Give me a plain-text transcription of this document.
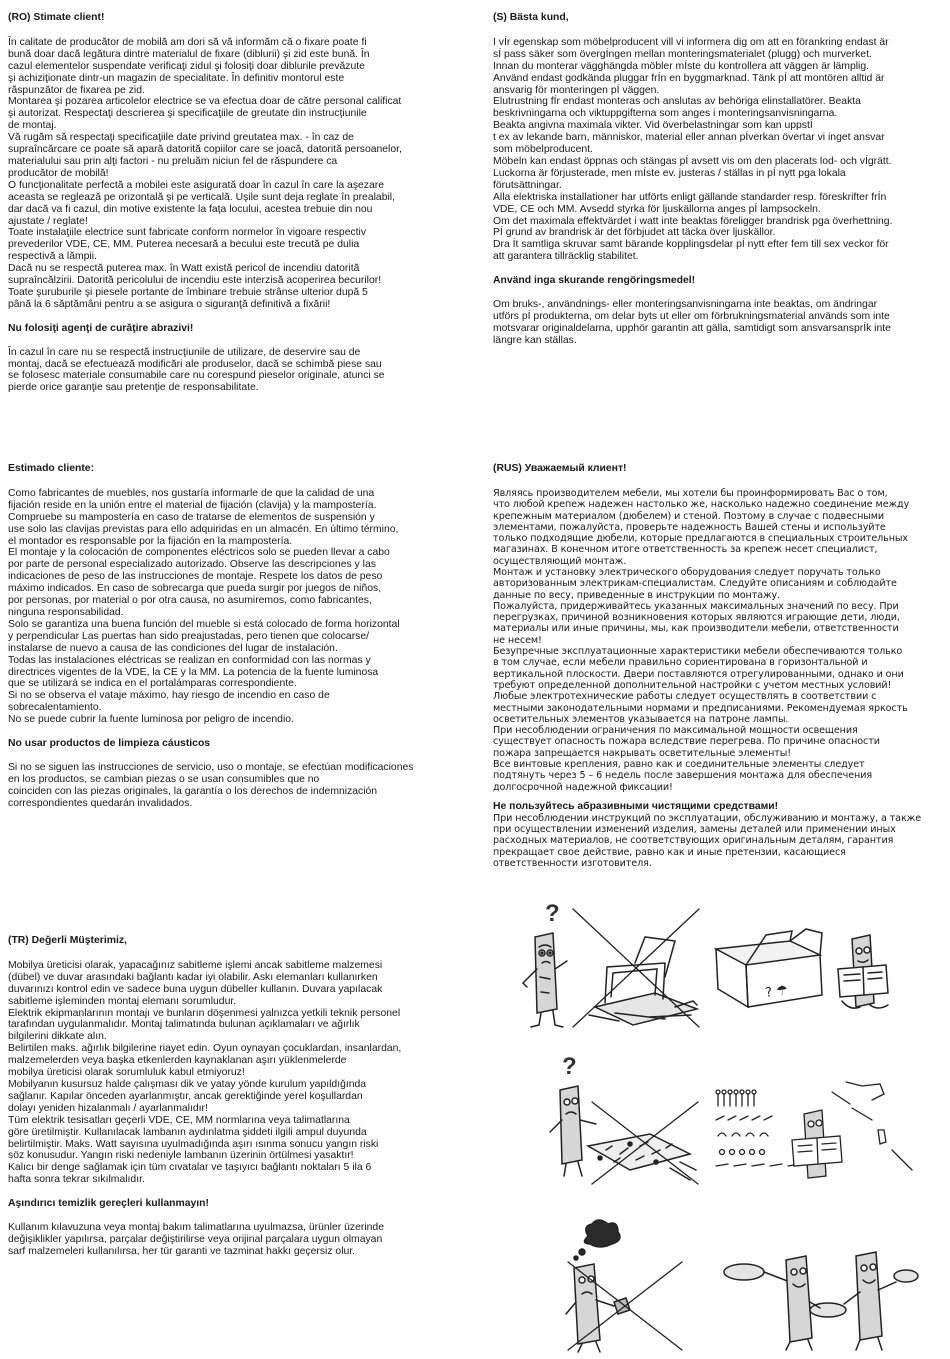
(RO) Stimate client!
În calitate de producător de mobilă am dori să vă informăm că o fixare poate fi
bună doar dacă legătura dintre materialul de fixare (diblurii) şi zid este bună. În
cazul elementelor suspendate verificaţi zidul şi folosiţi doar diblurile prevăzute
şi achiziţionate dintr-un magazin de specialitate. În definitiv montorul este
răspunzător de fixarea pe zid.
Montarea şi pozarea articolelor electrice se va efectua doar de către personal calificat
şi autorizat. Respectaţi descrierea şi specificaţiile de greutate din instrucţiunile
de montaj.
Vă rugăm să respectaţi specificaţiile date privind greutatea max. - în caz de
supraîncărcare ce poate să apară datorită copiilor care se joacă, datorită persoanelor,
materialului sau prin alţi factori - nu preluăm niciun fel de răspundere ca
producător de mobilă!
O funcţionalitate perfectă a mobilei este asigurată doar în cazul în care la aşezare
aceasta se reglează pe orizontală şi pe verticală. Uşile sunt deja reglate în prealabil,
dar dacă va fi cazul, din motive existente la faţa locului, acestea trebuie din nou
ajustate / reglate!
Toate instalaţiile electrice sunt fabricate conform normelor în vigoare respectiv
prevederilor VDE, CE, MM. Puterea necesară a becului este trecută pe dulia
respectivă a lămpii.
Dacă nu se respectă puterea max. în Watt există pericol de incendiu datorită
supraîncălzirii. Datorită pericolului de incendiu este interzisă acoperirea becurilor!
Toate şuruburile şi piesele portante de îmbinare trebuie strânse ulterior după 5
până la 6 săptămâni pentru a se asigura o siguranţă definitivă a fixării!
Nu folosiţi agenţi de curăţire abrazivi!
În cazul în care nu se respectă instrucţiunile de utilizare, de deservire sau de
montaj, dacă se efectuează modificări ale produselor, dacă se schimbă piese sau
se folosesc materiale consumabile care nu corespund pieselor originale, atunci se
pierde orice garanţie sau pretenţie de responsabilitate.
(S) Bästa kund,
I vÍr egenskap som möbelproducent vill vi informera dig om att en förankring endast är
sÍ pass säker som övergÍngen mellan monteringsmaterialet (plugg) och murverket.
Innan du monterar vägghängda möbler mÍste du kontrollera att väggen är lämplig.
Använd endast godkända pluggar frÍn en byggmarknad. Tänk pÍ att montören alltid är
ansvarig för monteringen pÍ väggen.
Elutrustning fÍr endast monteras och anslutas av behöriga elinstallatörer. Beakta
beskrivningarna och viktuppgifterna som anges i monteringsanvisningarna.
Beakta angivna maximala vikter. Vid överbelastningar som kan uppstÍ
t ex av lekande barn, människor, material eller annan pÍverkan övertar vi inget ansvar
som möbelproducent.
Möbeln kan endast öppnas och stängas pÍ avsett vis om den placerats lod- och vÍgrätt.
Luckorna är förjusterade, men mÍste ev. justeras / ställas in pÍ nytt pga lokala
förutsättningar.
Alla elektriska installationer har utförts enligt gällande standarder resp. föreskrifter frÍn
VDE, CE och MM. Avsedd styrka för ljuskällorna anges pÍ lampsockeln.
Om det maximala effektvärdet i watt inte beaktas föreligger brandrisk pga överhettning.
PÍ grund av brandrisk är det förbjudet att täcka över ljuskällor.
Dra Ít samtliga skruvar samt bärande kopplingsdelar pÍ nytt efter fem till sex veckor för
att garantera tillräcklig stabilitet.
Använd inga skurande rengöringsmedel!
Om bruks-, användnings- eller monteringsanvisningarna inte beaktas, om ändringar
utförs pÍ produkterna, om delar byts ut eller om förbrukningsmaterial används som inte
motsvarar originaldelarna, upphör garantin att gälla, samtidigt som ansvarsansprÍk inte
längre kan ställas.
Estimado cliente:
Como fabricantes de muebles, nos gustaría informarle de que la calidad de una
fijación reside en la unión entre el material de fijación (clavija) y la mampostería.
Compruebe su mampostería en caso de tratarse de elementos de suspensión y
use solo las clavijas previstas para ello adquiridas en un almacén. En último término,
el montador es responsable por la fijación en la mampostería.
El montaje y la colocación de componentes eléctricos solo se pueden llevar a cabo
por parte de personal especializado autorizado. Observe las descripciones y las
indicaciones de peso de las instrucciones de montaje. Respete los datos de peso
máximo indicados. En caso de sobrecarga que pueda surgir por juegos de niños,
por personas, por material o por otra causa, no asumiremos, como fabricantes,
ninguna responsabilidad.
Solo se garantiza una buena función del mueble si está colocado de forma horizontal
y perpendicular Las puertas han sido preajustadas, pero tienen que colocarse/
instalarse de nuevo a causa de las condiciones del lugar de instalación.
Todas las instalaciones eléctricas se realizan en conformidad con las normas y
directrices vigentes de la VDE, la CE y la MM. La potencia de la fuente luminosa
que se utilizará se indica en el portalámparas correspondiente.
Si no se observa el vataje máximo, hay riesgo de incendio en caso de
sobrecalentamiento.
No se puede cubrir la fuente luminosa por peligro de incendio.
No usar productos de limpieza cáusticos
Si no se siguen las instrucciones de servicio, uso o montaje, se efectúan modificaciones
en los productos, se cambian piezas o se usan consumibles que no
coinciden con las piezas originales, la garantía o los derechos de indemnización
correspondientes quedarán invalidados.
(RUS) Уважаемый клиент!
Являясь производителем мебели, мы хотели бы проинформировать Вас о том,
что любой крепеж надежен настолько же, насколько надежно соединение между
крепежным материалом (дюбелем) и стеной. Поэтому в случае с подвесными
элементами, пожалуйста, проверьте надежность Вашей стены и используйте
только подходящие дюбели, которые предлагаются в специальных строительных
магазинах. В конечном итоге ответственность за крепеж несет специалист,
осуществляющий монтаж.
Монтаж и установку электрического оборудования следует поручать только
авторизованным электрикам-специалистам. Следуйте описаниям и соблюдайте
данные по весу, приведенные в инструкции по монтажу.
Пожалуйста, придерживайтесь указанных максимальных значений по весу. При
перегрузках, причиной возникновения которых являются играющие дети, люди,
материалы или иные причины, мы, как производители мебели, ответственности
не несем!
Безупречные эксплуатационные характеристики мебели обеспечиваются только
в том случае, если мебели правильно сориентирована в горизонтальной и
вертикальной плоскости. Двери поставляются отрегулированными, однако и они
требуют определенной дополнительной настройки с учетом местных условий!
Любые электротехнические работы следует осуществлять в соответствии с
местными законодательными нормами и предписаниями. Рекомендуемая яркость
осветительных элементов указывается на патроне лампы.
При несоблюдении ограничения по максимальной мощности освещения
существует опасность пожара вследствие перегрева. По причине опасности
пожара запрещается накрывать осветительные элементы!
Все винтовые крепления, равно как и соединительные элементы следует
подтянуть через 5 – 6 недель после завершения монтажа для обеспечения
долгосрочной надежной фиксации!
Не пользуйтесь абразивными чистящими средствами!
При несоблюдении инструкций по эксплуатации, обслуживанию и монтажу, а также
при осуществлении изменений изделия, замены деталей или применении иных
расходных материалов, не соответствующих оригинальным деталям, гарантия
прекращает свое действие, равно как и иные претензии, касающиеся
ответственности изготовителя.
(TR) Değerli Müşterimiz,
Mobilya üreticisi olarak, yapacağınız sabitleme işlemi ancak sabitleme malzemesi
(dübel) ve duvar arasındaki bağlantı kadar iyi olabilir. Askı elemanları kullanırken
duvarınızı kontrol edin ve sadece buna uygun dübeller kullanın. Duvara yapılacak
sabitleme işleminden montaj elemanı sorumludur.
Elektrik ekipmanlarının montajı ve bunların döşenmesi yalnızca yetkili teknik personel
tarafından uygulanmalıdır. Montaj talimatında bulunan açıklamaları ve ağırlık
bilgilerini dikkate alın.
Belirtilen maks. ağırlık bilgilerine riayet edin. Oyun oynayan çocuklardan, insanlardan,
malzemelerden veya başka etkenlerden kaynaklanan aşırı yüklenmelerde
mobilya üreticisi olarak sorumluluk kabul etmiyoruz!
Mobilyanın kusursuz halde çalışması dik ve yatay yönde kurulum yapıldığında
sağlanır. Kapılar önceden ayarlanmıştır, ancak gerektiğinde yerel koşullardan
dolayı yeniden hizalanmalı / ayarlanmalıdır!
Tüm elektrik tesisatları geçerli VDE, CE, MM normlarına veya talimatlarına
göre üretilmiştir. Kullanılacak lambanın aydınlatma şiddeti ilgili ampul duyunda
belirtilmiştir. Maks. Watt sayısına uyulmadığında aşırı ısınma sonucu yangın riski
söz konusudur. Yangın riski nedeniyle lambanın üzerinin örtülmesi yasaktır!
Kalıcı bir denge sağlamak için tüm cıvatalar ve taşıyıcı bağlantı noktaları 5 ila 6
hafta sonra tekrar sıkılmalıdır.
Aşındırıcı temizlik gereçleri kullanmayın!
Kullanım kılavuzuna veya montaj bakım talimatlarına uyulmazsa, ürünler üzerinde
değişiklikler yapılırsa, parçalar değiştirilirse veya orijinal parçalara uygun olmayan
sarf malzemeleri kullanılırsa, her tür garanti ve tazminat hakkı geçersiz olur.
?
? ☂
?
